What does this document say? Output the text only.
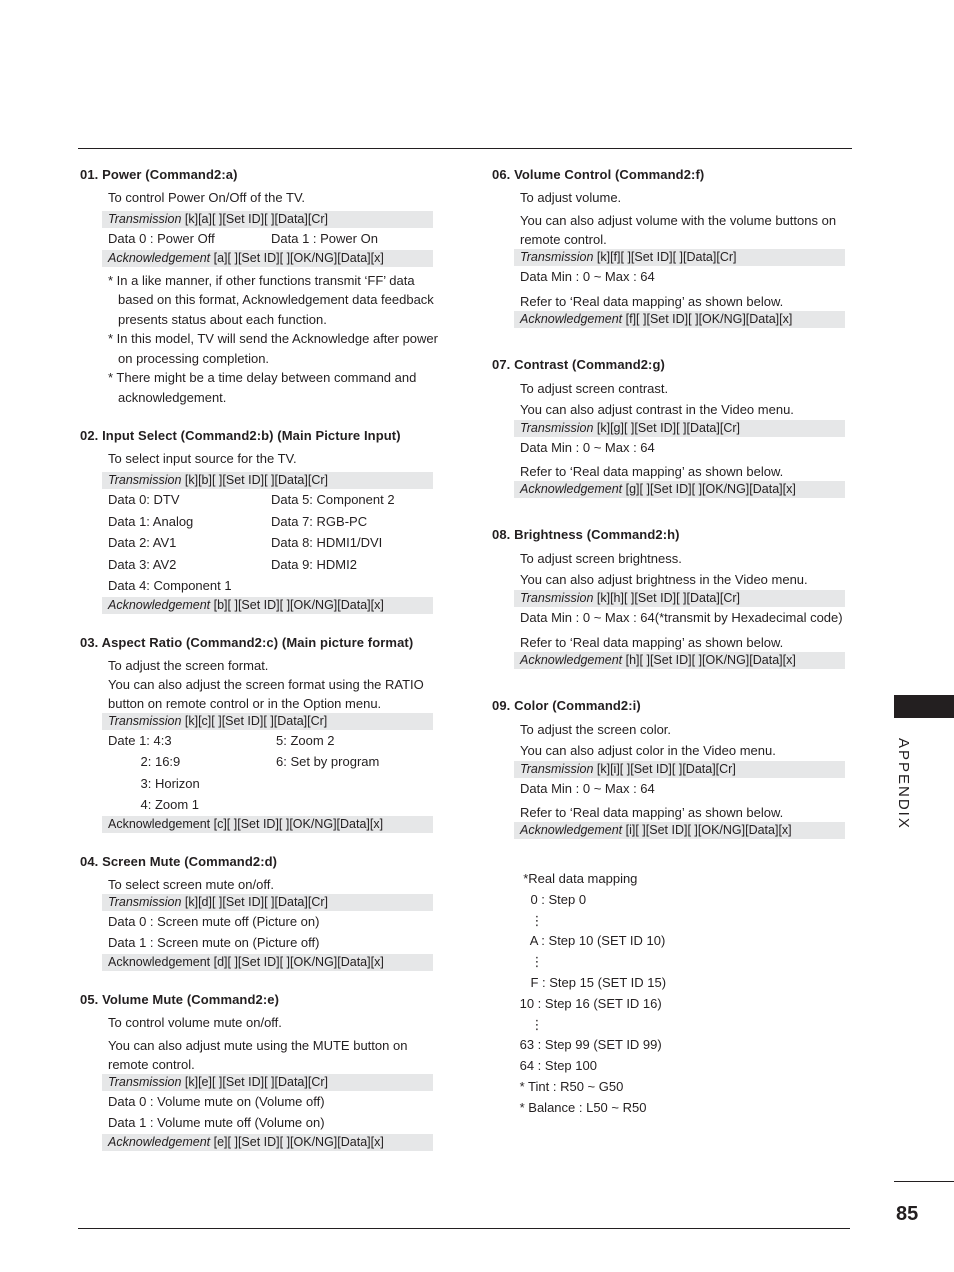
01. Power (Command2:a)
To control Power On/Off of the TV.
Transmission [k][a][ ][Set ID][ ][Data][Cr]
Data 0 : Power Off	Data 1 : Power On
Acknowledgement [a][ ][Set ID][ ][OK/NG][Data][x]
* In a like manner, if other functions transmit ‘FF’ data based on this format, Acknowledgement data feedback presents status about each function.
* In this model, TV will send the Acknowledge after power on processing completion.
* There might be a time delay between command and acknowledgement.
02. Input Select (Command2:b) (Main Picture Input)
To select input source for the TV.
Transmission [k][b][ ][Set ID][ ][Data][Cr]
Data 0: DTV	Data 5: Component 2
Data 1: Analog	Data 7: RGB-PC
Data 2: AV1	Data 8: HDMI1/DVI
Data 3: AV2	Data 9: HDMI2
Data 4: Component 1
Acknowledgement [b][ ][Set ID][ ][OK/NG][Data][x]
03. Aspect Ratio (Command2:c) (Main picture format)
To adjust the screen format.
You can also adjust the screen format using the RATIO button on remote control or in the Option menu.
Transmission [k][c][ ][Set ID][ ][Data][Cr]
Date 1: 4:3	5: Zoom 2
2: 16:9	6: Set by program
3: Horizon
4: Zoom 1
Acknowledgement [c][ ][Set ID][ ][OK/NG][Data][x]
04. Screen Mute (Command2:d)
To select screen mute on/off.
Transmission [k][d][ ][Set ID][ ][Data][Cr]
Data 0 : Screen mute off (Picture on)
Data 1 : Screen mute on (Picture off)
Acknowledgement [d][ ][Set ID][ ][OK/NG][Data][x]
05. Volume Mute (Command2:e)
To control volume mute on/off.
You can also adjust mute using the MUTE button on remote control.
Transmission [k][e][ ][Set ID][ ][Data][Cr]
Data 0 : Volume mute on (Volume off)
Data 1 : Volume mute off (Volume on)
Acknowledgement [e][ ][Set ID][ ][OK/NG][Data][x]
06. Volume Control (Command2:f)
To adjust volume.
You can also adjust volume with the volume buttons on remote control.
Transmission [k][f][ ][Set ID][ ][Data][Cr]
Data Min : 0 ~ Max : 64
Refer to ‘Real data mapping’ as shown below.
Acknowledgement [f][ ][Set ID][ ][OK/NG][Data][x]
07. Contrast (Command2:g)
To adjust screen contrast.
You can also adjust contrast in the Video menu.
Transmission [k][g][ ][Set ID][ ][Data][Cr]
Data Min : 0 ~ Max : 64
Refer to ‘Real data mapping’ as shown below.
Acknowledgement [g][ ][Set ID][ ][OK/NG][Data][x]
08. Brightness (Command2:h)
To adjust screen brightness.
You can also adjust brightness in the Video menu.
Transmission [k][h][ ][Set ID][ ][Data][Cr]
Data Min : 0 ~ Max : 64(*transmit by Hexadecimal code)
Refer to ‘Real data mapping’ as shown below.
Acknowledgement [h][ ][Set ID][ ][OK/NG][Data][x]
09. Color (Command2:i)
To adjust the screen color.
You can also adjust color in the Video menu.
Transmission [k][i][ ][Set ID][ ][Data][Cr]
Data Min : 0 ~ Max : 64
Refer to ‘Real data mapping’ as shown below.
Acknowledgement [i][ ][Set ID][ ][OK/NG][Data][x]
*Real data mapping
0 : Step 0
⋮
A : Step 10 (SET ID 10)
⋮
F : Step 15 (SET ID 15)
10 : Step 16 (SET ID 16)
⋮
63 : Step 99 (SET ID 99)
64 : Step 100
* Tint : R50 ~ G50
* Balance : L50 ~ R50
APPENDIX
85
